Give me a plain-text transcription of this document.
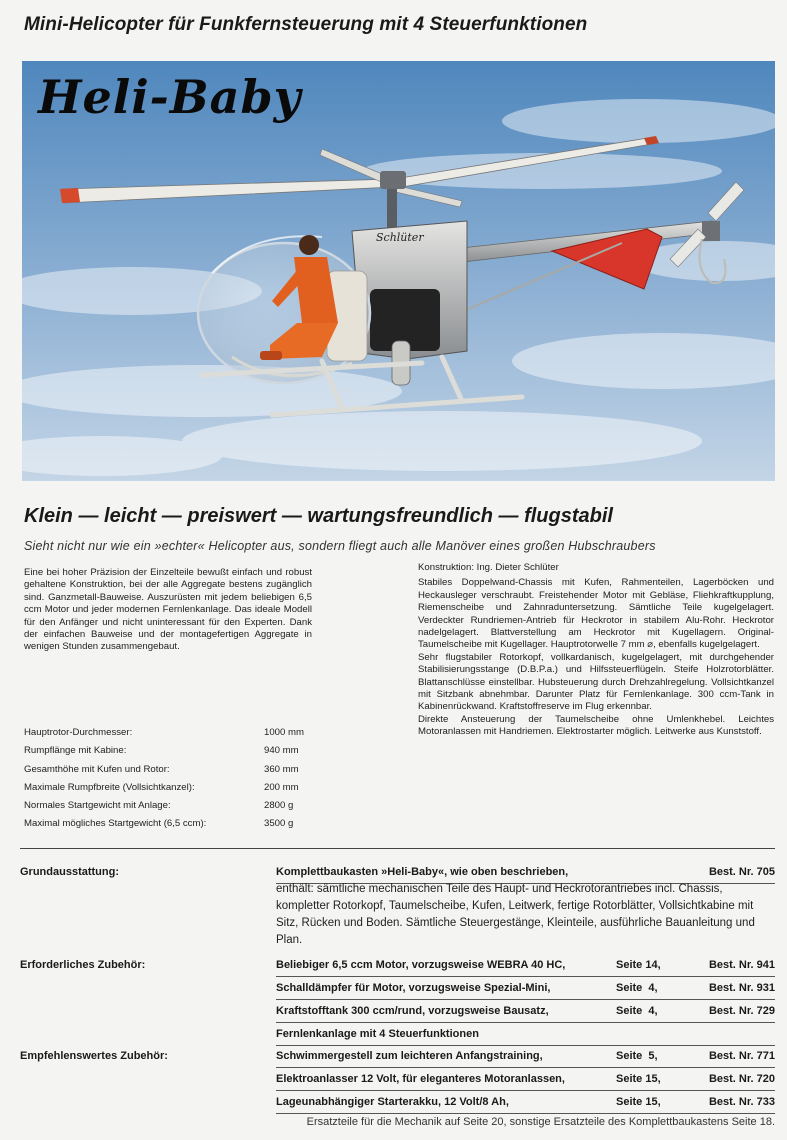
Mini-Helicopter für Funkfernsteuerung mit 4 Steuerfunktionen
Schlüter
Heli-Baby
Klein — leicht — preiswert — wartungsfreundlich — flugstabil
Sieht nicht nur wie ein »echter« Helicopter aus, sondern fliegt auch alle Manöver eines großen Hubschraubers
Eine bei hoher Präzision der Einzelteile bewußt einfach und robust gehaltene Konstruktion, bei der alle Aggregate bestens zugänglich sind. Ganzmetall-Bauweise. Auszurüsten mit jedem beliebigen 6,5 ccm Motor und jeder modernen Fernlenkanlage. Das ideale Modell für den Anfänger und nicht uninteressant für den Experten. Dank der einfachen Bauweise und der montagefertigen Aggregate in wenigen Stunden zusammengebaut.
Hauptrotor-Durchmesser:	1000 mm
Rumpflänge mit Kabine:	940 mm
Gesamthöhe mit Kufen und Rotor:	360 mm
Maximale Rumpfbreite (Vollsichtkanzel):	200 mm
Normales Startgewicht mit Anlage:	2800 g
Maximal mögliches Startgewicht (6,5 ccm):	3500 g

Konstruktion: Ing. Dieter Schlüter

Stabiles Doppelwand-Chassis mit Kufen, Rahmenteilen, Lagerböcken und Heckausleger verschraubt. Freistehender Motor mit Gebläse, Fliehkraftkupplung, Riemenscheibe und Zahnraduntersetzung. Sämtliche Teile kugelgelagert. Verdeckter Rundriemen-Antrieb für Heckrotor in stabilem Alu-Rohr. Heckrotor nadelgelagert. Blattverstellung am Heckrotor mit Kugellagern. Original-Taumelscheibe mit Kugellager. Hauptrotorwelle 7 mm ⌀, ebenfalls kugelgelagert.

Sehr flugstabiler Rotorkopf, vollkardanisch, kugelgelagert, mit durchgehender Stabilisierungsstange (D.B.P.a.) und Hilfssteuerflügeln. Steife Holzrotorblätter. Blattanschlüsse einstellbar. Hubsteuerung durch Drehzahlregelung. Vollsichtkanzel mit Sitzbank abnehmbar. Darunter Platz für Fernlenkanlage. 300 ccm-Tank in Kabinenrückwand. Kraftstoffreserve im Flug erkennbar.

Direkte Ansteuerung der Taumelscheibe ohne Umlenkhebel. Leichtes Motoranlassen mit Handriemen. Elektrostarter möglich. Leitwerke aus Kunststoff.

Grundausstattung:	Komplettbaukasten »Heli-Baby«, wie oben beschrieben,	Best. Nr. 705
enthält: sämtliche mechanischen Teile des Haupt- und Heckrotorantriebes incl. Chassis, kompletter Rotorkopf, Taumelscheibe, Kufen, Leitwerk, fertige Rotorblätter, Vollsichtkabine mit Sitz, Rücken und Boden. Sämtliche Steuergestänge, Kleinteile, ausführliche Bauanleitung und Plan.
Erforderliches Zubehör:	Beliebiger 6,5 ccm Motor, vorzugsweise WEBRA 40 HC,	Seite 14,	Best. Nr. 941
Schalldämpfer für Motor, vorzugsweise Spezial-Mini,	Seite  4,	Best. Nr. 931
Kraftstofftank 300 ccm/rund, vorzugsweise Bausatz,	Seite  4,	Best. Nr. 729
Fernlenkanlage mit 4 Steuerfunktionen
Empfehlenswertes Zubehör:	Schwimmergestell zum leichteren Anfangstraining,	Seite  5,	Best. Nr. 771
Elektroanlasser 12 Volt, für eleganteres Motoranlassen,	Seite 15,	Best. Nr. 720
Lageunabhängiger Starterakku, 12 Volt/8 Ah,	Seite 15,	Best. Nr. 733
Ersatzteile für die Mechanik auf Seite 20, sonstige Ersatzteile des Komplettbaukastens Seite 18.
